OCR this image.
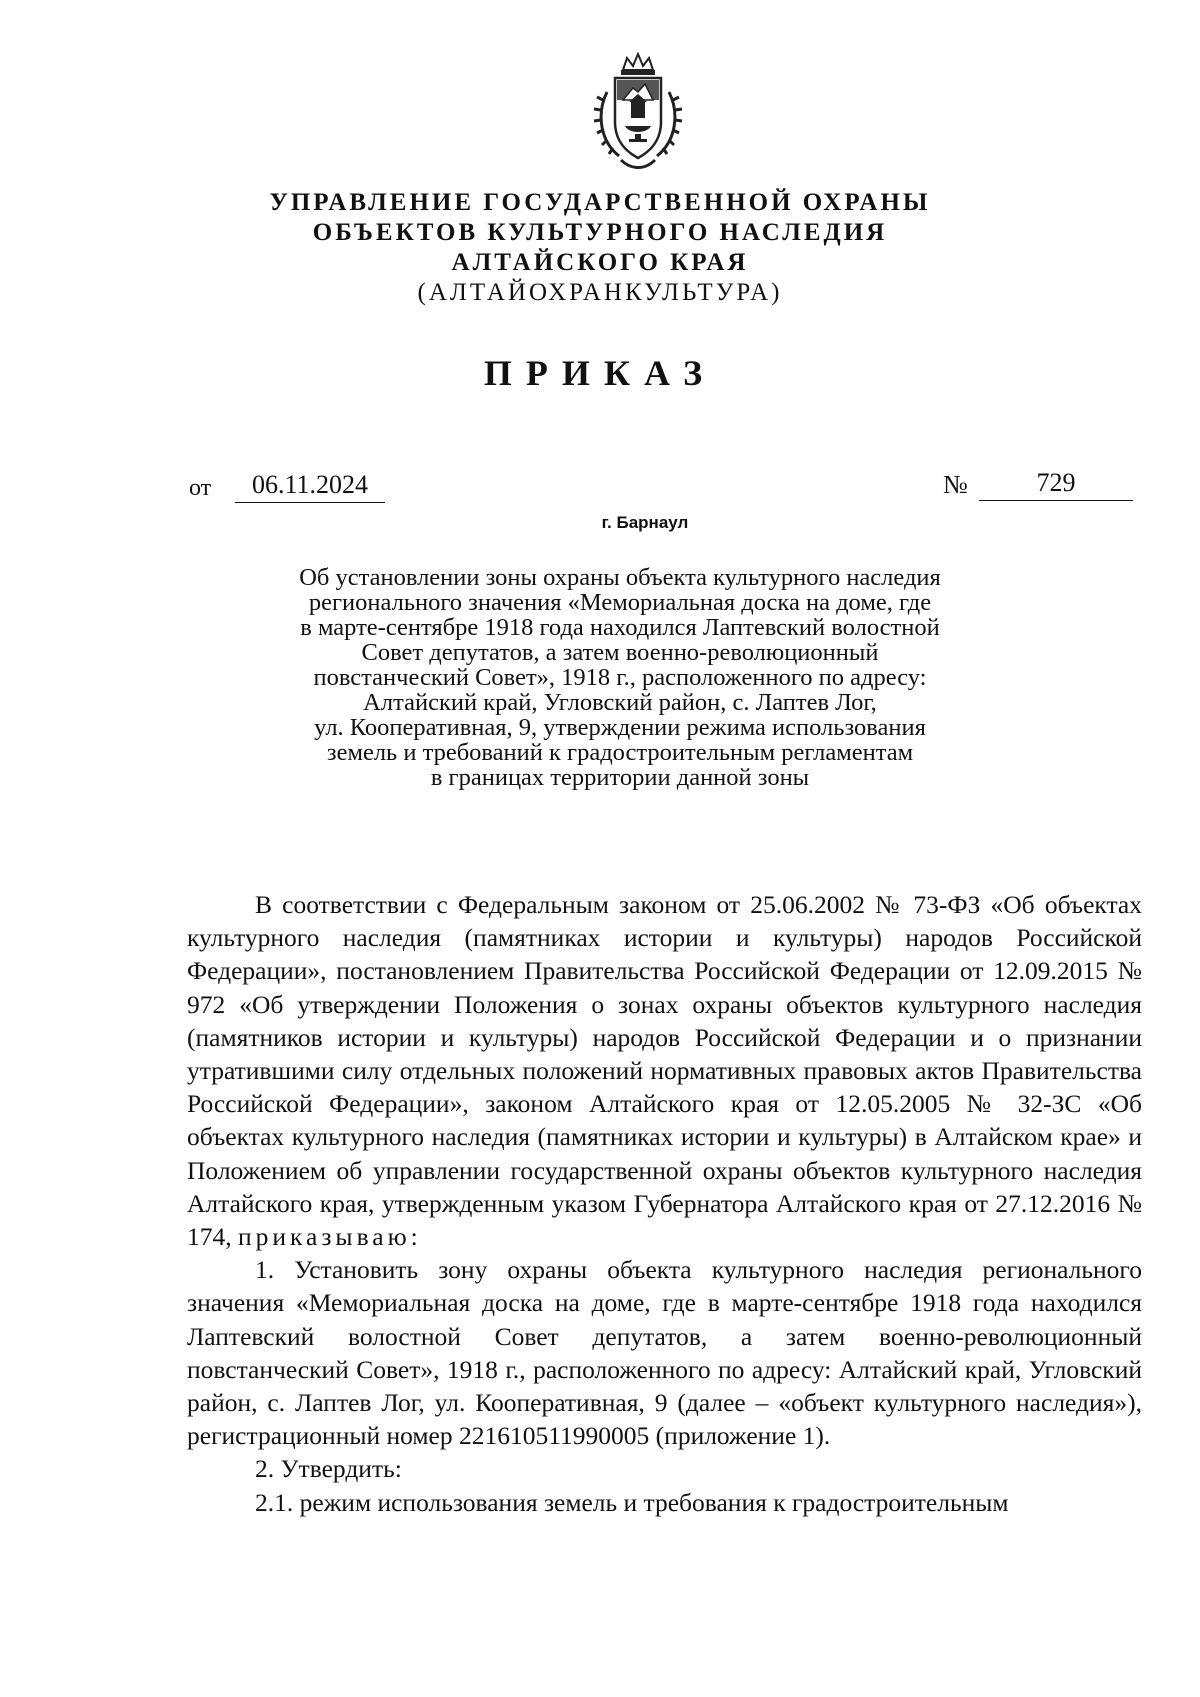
УПРАВЛЕНИЕ ГОСУДАРСТВЕННОЙ ОХРАНЫ
ОБЪЕКТОВ КУЛЬТУРНОГО НАСЛЕДИЯ
АЛТАЙСКОГО КРАЯ
(АЛТАЙОХРАНКУЛЬТУРА)
ПРИКАЗ
от	06.11.2024	№	729
г. Барнаул
Об установлении зоны охраны объекта культурного наследия
регионального значения «Мемориальная доска на доме, где
в марте-сентябре 1918 года находился Лаптевский волостной
Совет депутатов, а затем военно-революционный
повстанческий Совет», 1918 г., расположенного по адресу:
Алтайский край, Угловский район, с. Лаптев Лог,
ул. Кооперативная, 9, утверждении режима использования
земель и требований к градостроительным регламентам
в границах территории данной зоны

В соответствии с Федеральным законом от 25.06.2002 № 73-ФЗ «Об объектах культурного наследия (памятниках истории и культуры) народов Российской Федерации», постановлением Правительства Российской Федерации от 12.09.2015 № 972 «Об утверждении Положения о зонах охраны объектов культурного наследия (памятников истории и культуры) народов Российской Федерации и о признании утратившими силу отдельных положений нормативных правовых актов Правительства Российской Федерации», законом Алтайского края от 12.05.2005 № 32-ЗС «Об объектах культурного наследия (памятниках истории и культуры) в Алтайском крае» и Положением об управлении государственной охраны объектов культурного наследия Алтайского края, утвержденным указом Губернатора Алтайского края от 27.12.2016 № 174, приказываю:

1. Установить зону охраны объекта культурного наследия регионального значения «Мемориальная доска на доме, где в марте-сентябре 1918 года находился Лаптевский волостной Совет депутатов, а затем военно-революционный повстанческий Совет», 1918 г., расположенного по адресу: Алтайский край, Угловский район, с. Лаптев Лог, ул. Кооперативная, 9 (далее – «объект культурного наследия»), регистрационный номер 221610511990005 (приложение 1).

2. Утвердить:

2.1. режим использования земель и требования к градостроительным
